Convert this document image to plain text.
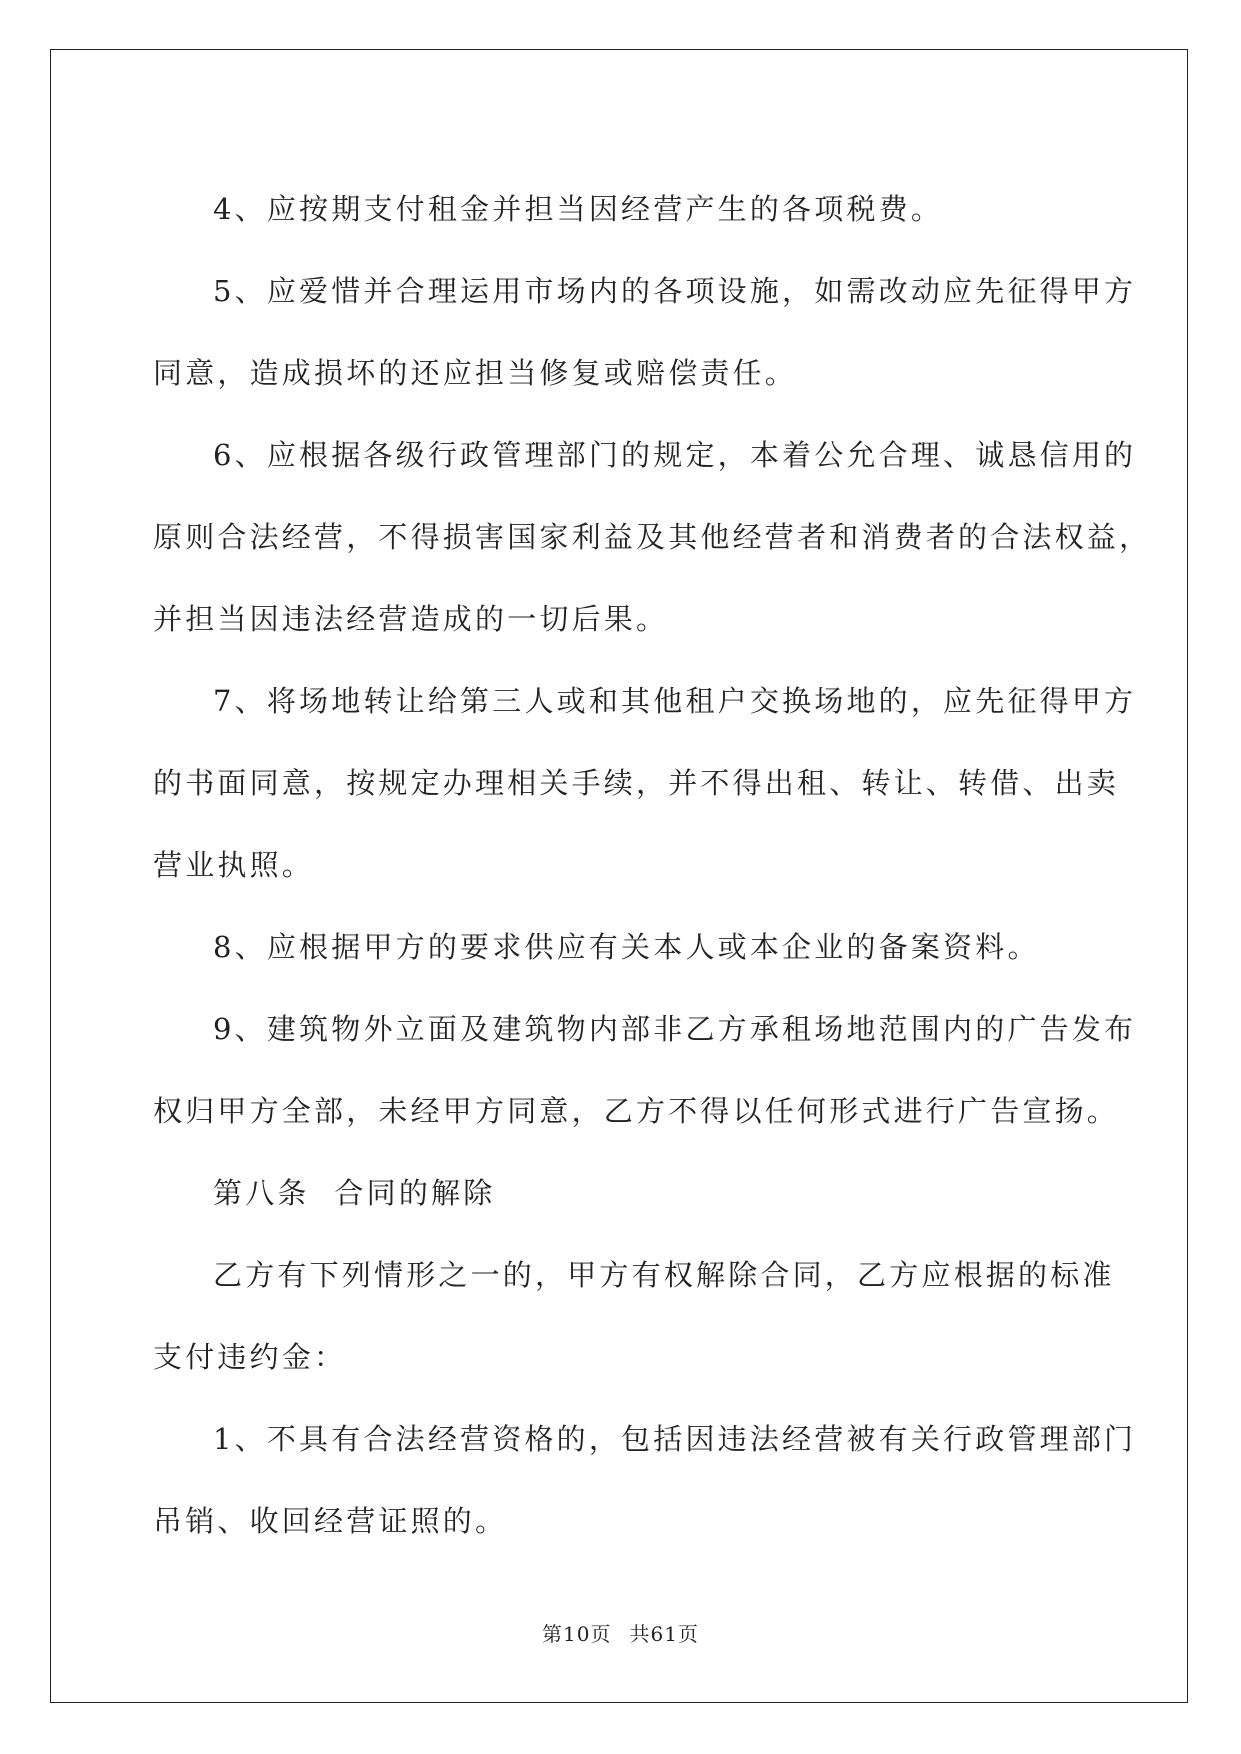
4、应按期支付租金并担当因经营产生的各项税费。

5、应爱惜并合理运用市场内的各项设施，如需改动应先征得甲方
同意，造成损坏的还应担当修复或赔偿责任。

6、应根据各级行政管理部门的规定，本着公允合理、诚恳信用的
原则合法经营，不得损害国家利益及其他经营者和消费者的合法权益，
并担当因违法经营造成的一切后果。

7、将场地转让给第三人或和其他租户交换场地的，应先征得甲方
的书面同意，按规定办理相关手续，并不得出租、转让、转借、出卖
营业执照。

8、应根据甲方的要求供应有关本人或本企业的备案资料。

9、建筑物外立面及建筑物内部非乙方承租场地范围内的广告发布
权归甲方全部，未经甲方同意，乙方不得以任何形式进行广告宣扬。

第八条  合同的解除

乙方有下列情形之一的，甲方有权解除合同，乙方应根据的标准
支付违约金：

1、不具有合法经营资格的，包括因违法经营被有关行政管理部门
吊销、收回经营证照的。

第10页 共61页
